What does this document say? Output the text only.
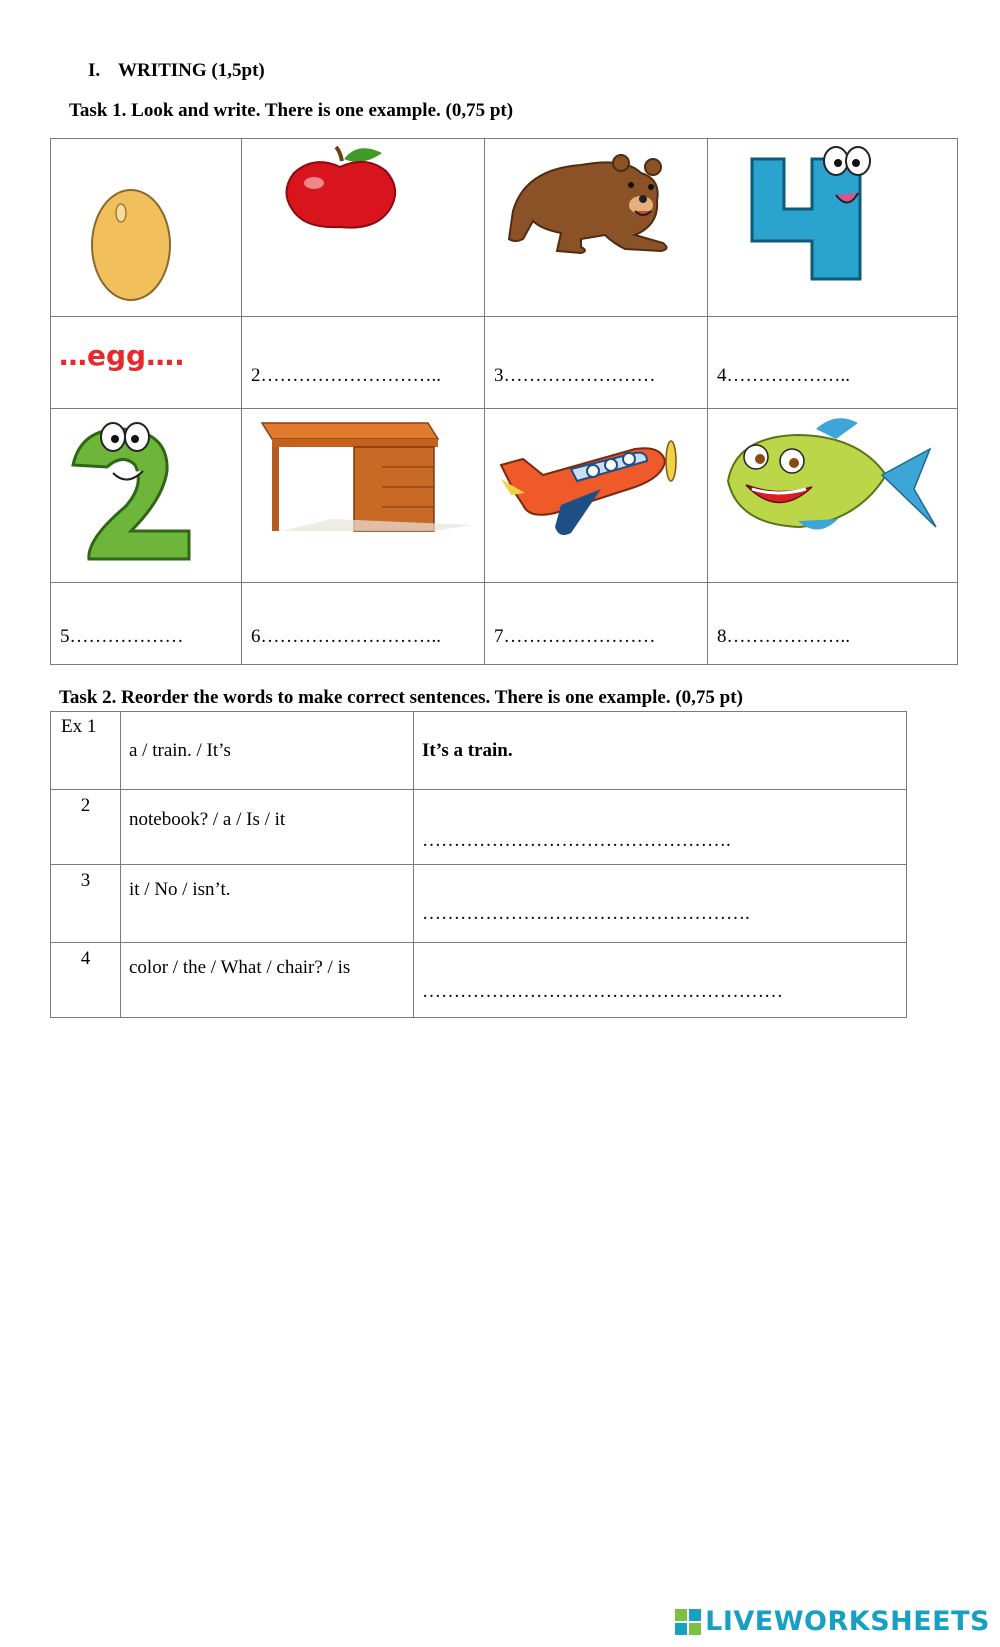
I. WRITING (1,5pt)
Task 1. Look and write. There is one example. (0,75 pt)

…egg….	2………………………..	3……………………	4………………..

5………………	6………………………..	7……………………	8………………..
Task 2. Reorder the words to make correct sentences. There is one example. (0,75 pt)
Ex 1	a / train. / It’s	It’s a train.

2	notebook? / a / Is / it	………………………………………….

3	it / No / isn’t.	…………………………………………….

4	color / the / What / chair? / is	…………………………………………………
LIVEWORKSHEETS
